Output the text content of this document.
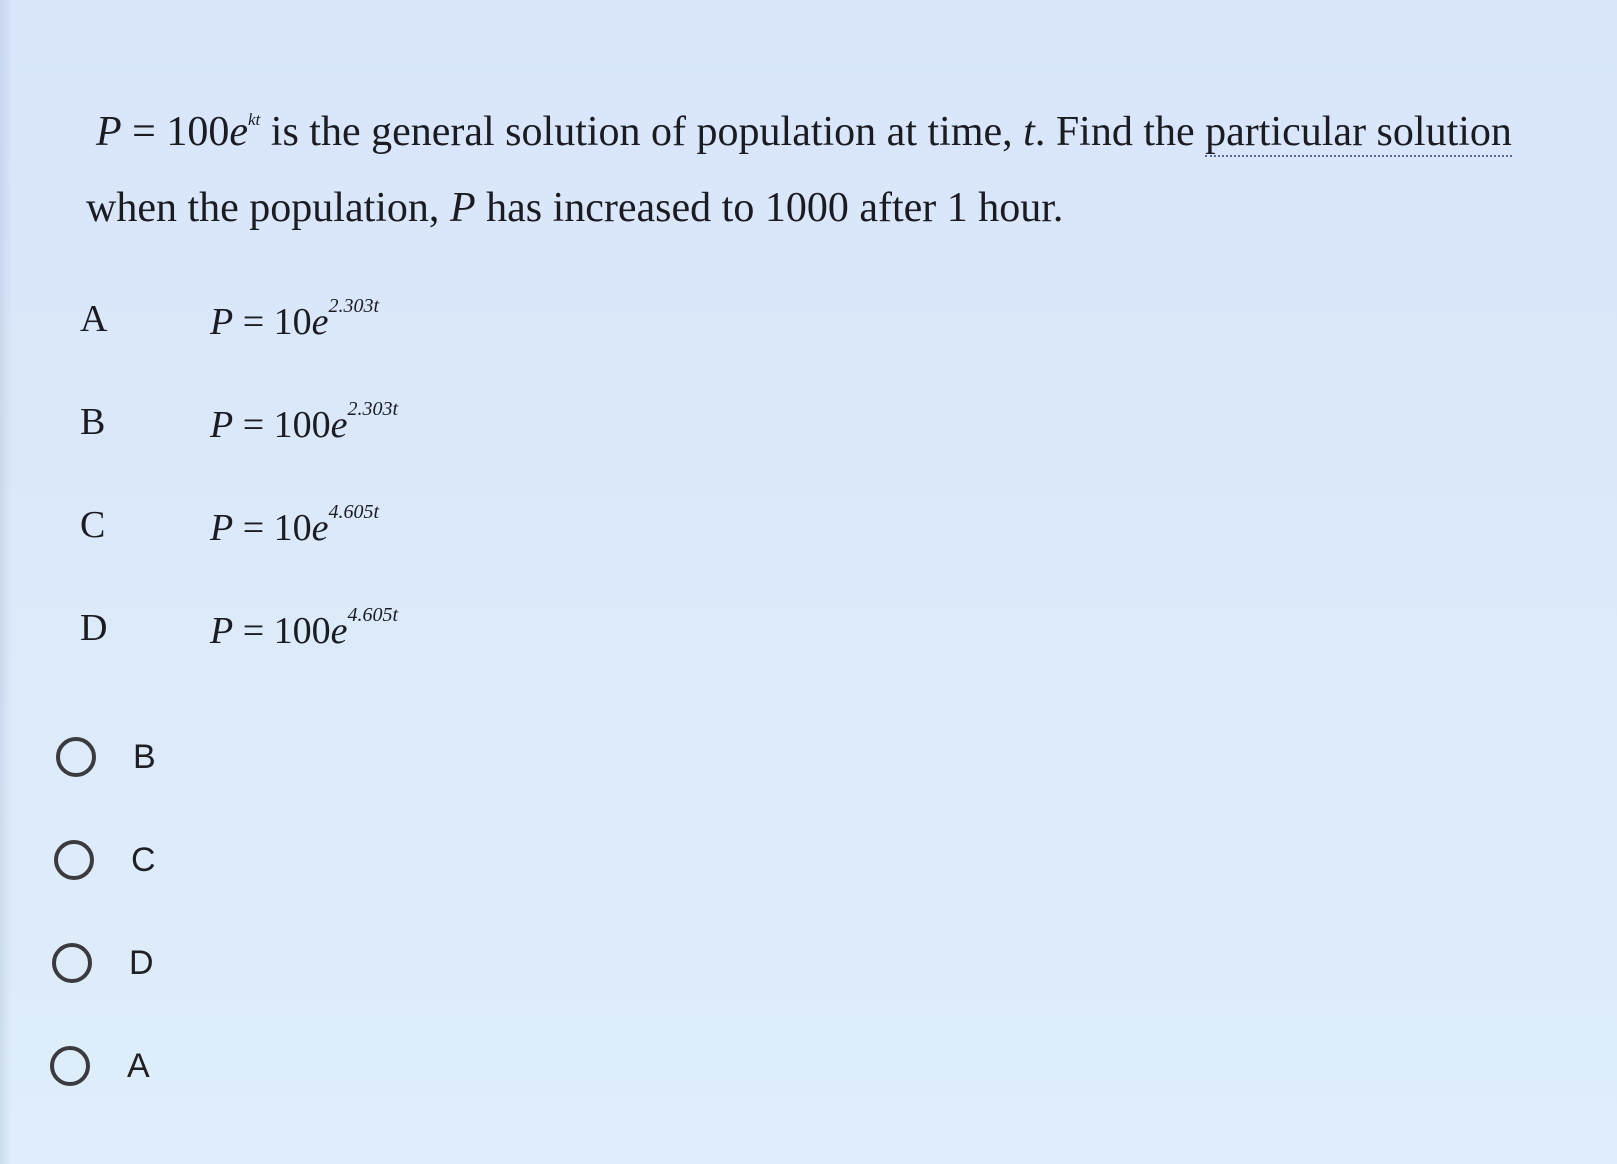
$P = 100e^{kt}$ is the general solution of population at time, t. Find the particular solution
when the population, P has increased to 1000 after 1 hour.
A	$P = 10e^{2.303t}$
B	$P = 100e^{2.303t}$
C	$P = 10e^{4.605t}$
D	$P = 100e^{4.605t}$
B
C
D
A
